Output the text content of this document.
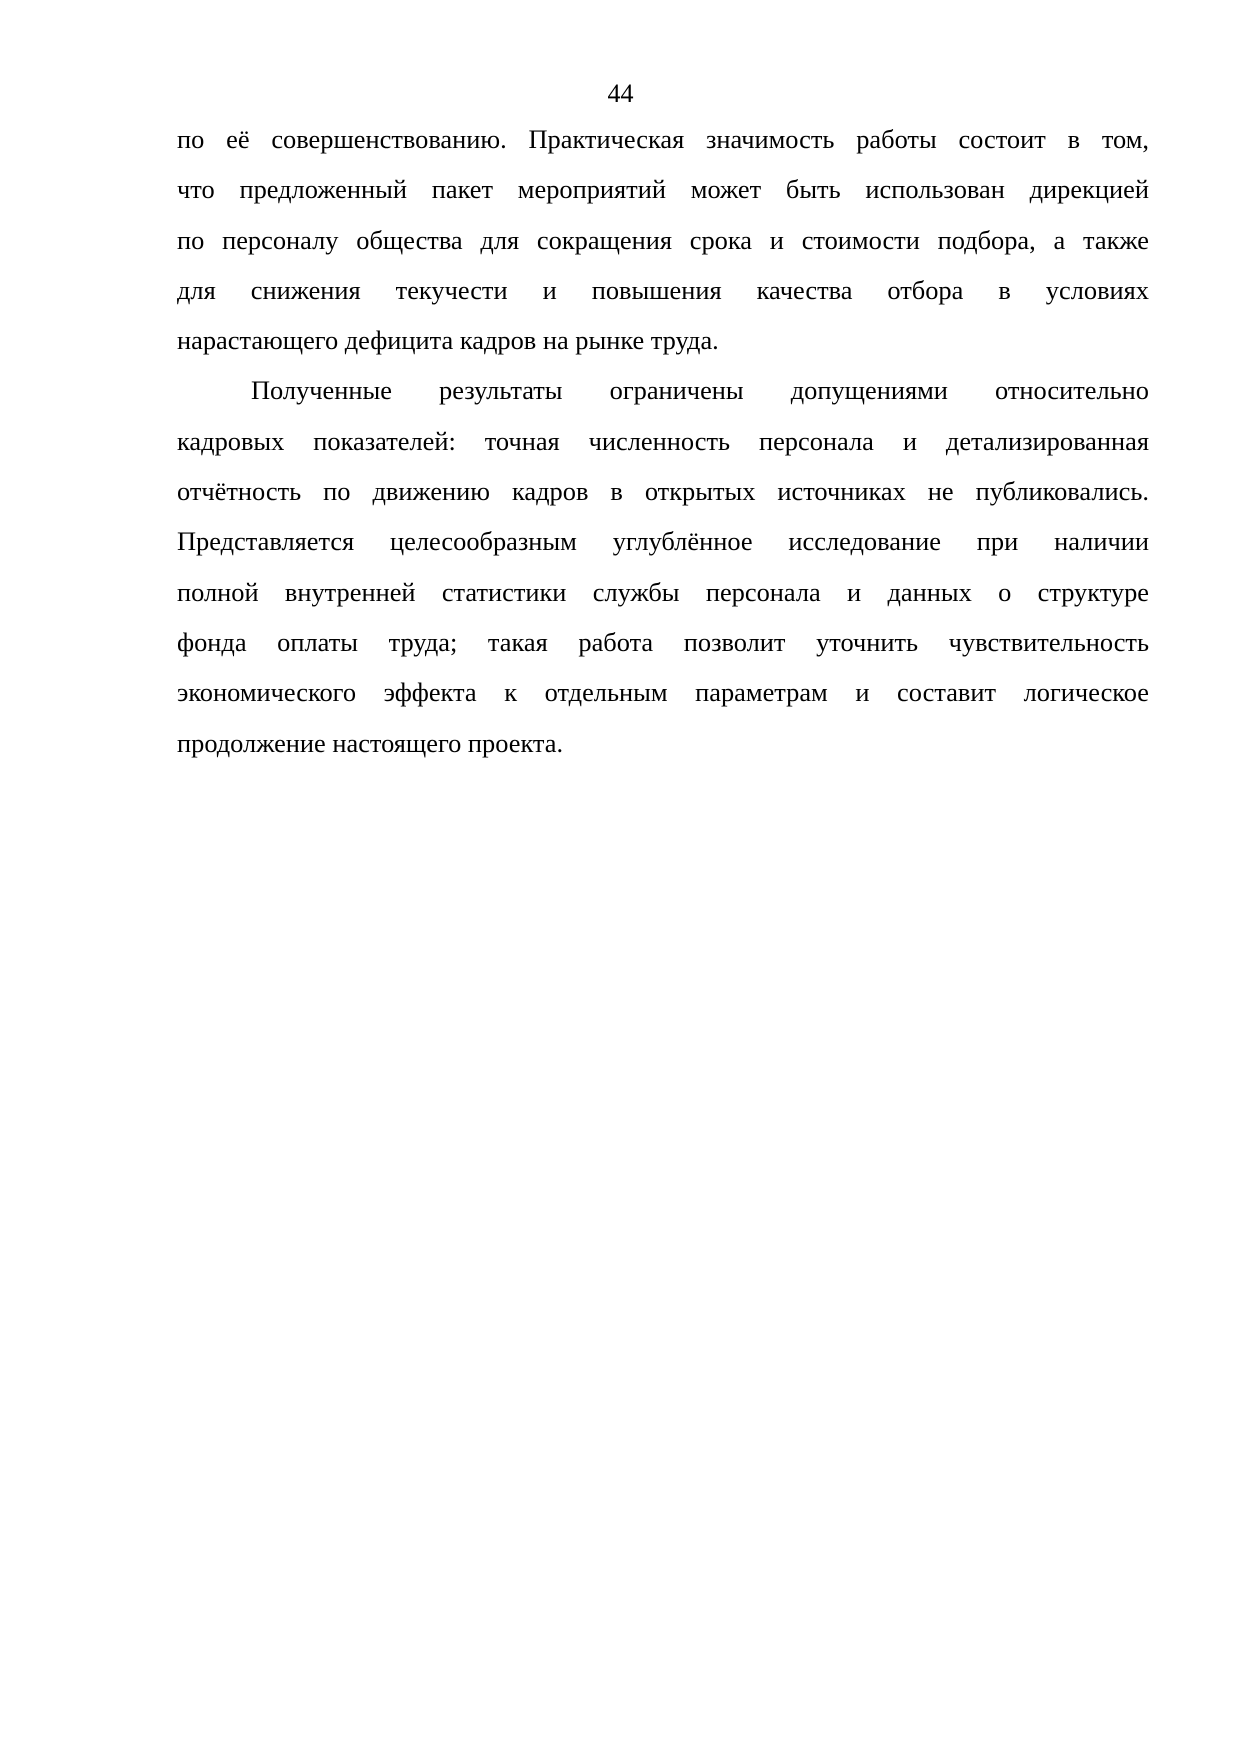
44
по её совершенствованию. Практическая значимость работы состоит в том,
что предложенный пакет мероприятий может быть использован дирекцией
по персоналу общества для сокращения срока и стоимости подбора, а также
для снижения текучести и повышения качества отбора в условиях
нарастающего дефицита кадров на рынке труда.
Полученные результаты ограничены допущениями относительно
кадровых показателей: точная численность персонала и детализированная
отчётность по движению кадров в открытых источниках не публиковались.
Представляется целесообразным углублённое исследование при наличии
полной внутренней статистики службы персонала и данных о структуре
фонда оплаты труда; такая работа позволит уточнить чувствительность
экономического эффекта к отдельным параметрам и составит логическое
продолжение настоящего проекта.
